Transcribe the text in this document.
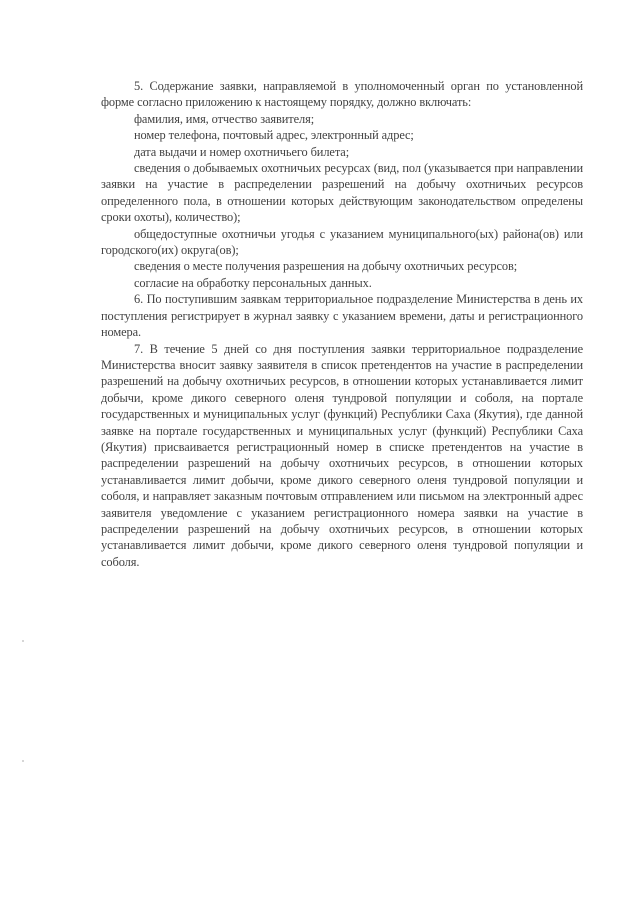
5. Содержание заявки, направляемой в уполномоченный орган по установленной форме согласно приложению к настоящему порядку, должно включать:

фамилия, имя, отчество заявителя;

номер телефона, почтовый адрес, электронный адрес;

дата выдачи и номер охотничьего билета;

сведения о добываемых охотничьих ресурсах (вид, пол (указывается при направлении заявки на участие в распределении разрешений на добычу охотничьих ресурсов определенного пола, в отношении которых действующим законодательством определены сроки охоты), количество);

общедоступные охотничьи угодья с указанием муниципального(ых) района(ов) или городского(их) округа(ов);

сведения о месте получения разрешения на добычу охотничьих ресурсов;

согласие на обработку персональных данных.

6. По поступившим заявкам территориальное подразделение Министерства в день их поступления регистрирует в журнал заявку с указанием времени, даты и регистрационного номера.

7. В течение 5 дней со дня поступления заявки территориальное подразделение Министерства вносит заявку заявителя в список претендентов на участие в распределении разрешений на добычу охотничьих ресурсов, в отношении которых устанавливается лимит добычи, кроме дикого северного оленя тундровой популяции и соболя, на портале государственных и муниципальных услуг (функций) Республики Саха (Якутия), где данной заявке на портале государственных и муниципальных услуг (функций) Республики Саха (Якутия) присваивается регистрационный номер в списке претендентов на участие в распределении разрешений на добычу охотничьих ресурсов, в отношении которых устанавливается лимит добычи, кроме дикого северного оленя тундровой популяции и соболя, и направляет заказным почтовым отправлением или письмом на электронный адрес заявителя уведомление с указанием регистрационного номера заявки на участие в распределении разрешений на добычу охотничьих ресурсов, в отношении которых устанавливается лимит добычи, кроме дикого северного оленя тундровой популяции и соболя.
